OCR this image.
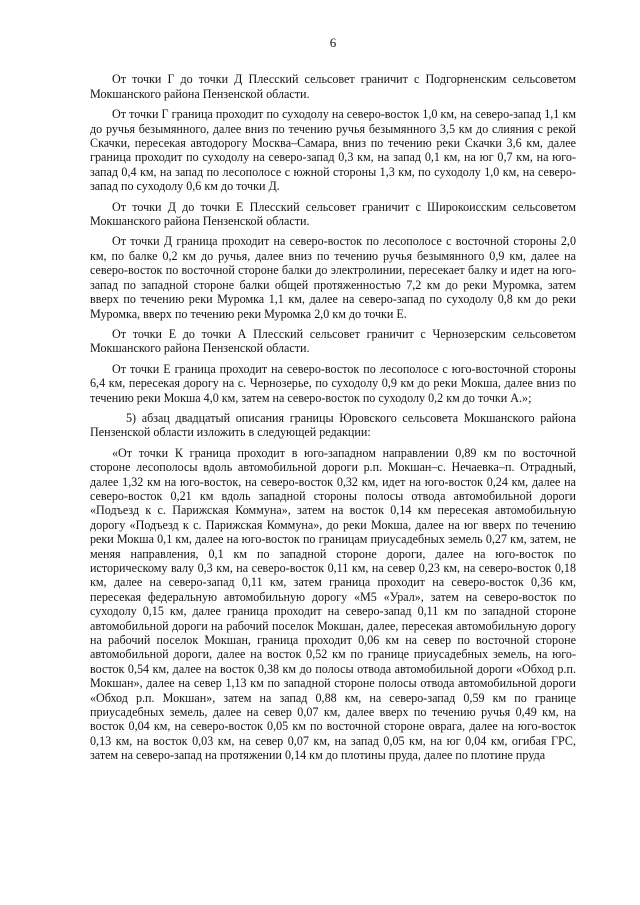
6

От точки Г до точки Д Плесский сельсовет граничит с Подгорненским сельсоветом Мокшанского района Пензенской области.

От точки Г граница проходит по суходолу на северо-восток 1,0 км, на северо-запад 1,1 км до ручья безымянного, далее вниз по течению ручья безымянного 3,5 км до слияния с рекой Скачки, пересекая автодорогу Москва–Самара, вниз по течению реки Скачки 3,6 км, далее граница проходит по суходолу на северо-запад 0,3 км, на запад 0,1 км, на юг 0,7 км, на юго-запад 0,4 км, на запад по лесополосе с южной стороны 1,3 км, по суходолу 1,0 км, на северо-запад по суходолу 0,6 км до точки Д.

От точки Д до точки Е Плесский сельсовет граничит с Широкоисским сельсоветом Мокшанского района Пензенской области.

От точки Д граница проходит на северо-восток по лесополосе с восточной стороны 2,0 км, по балке 0,2 км до ручья, далее вниз по течению ручья безымянного 0,9 км, далее на северо-восток по восточной стороне балки до электролинии, пересекает балку и идет на юго-запад по западной стороне балки общей протяженностью 7,2 км до реки Муромка, затем вверх по течению реки Муромка 1,1 км, далее на северо-запад по суходолу 0,8 км до реки Муромка, вверх по течению реки Муромка 2,0 км до точки Е.

От точки Е до точки А Плесский сельсовет граничит с Чернозерским сельсоветом Мокшанского района Пензенской области.

От точки Е граница проходит на северо-восток по лесополосе с юго-восточной стороны 6,4 км, пересекая дорогу на с. Чернозерье, по суходолу 0,9 км до реки Мокша, далее вниз по течению реки Мокша 4,0 км, затем на северо-восток по суходолу 0,2 км до точки А.»;

5) абзац двадцатый описания границы Юровского сельсовета Мокшанского района Пензенской области изложить в следующей редакции:

«От точки К граница проходит в юго-западном направлении 0,89 км по восточной стороне лесополосы вдоль автомобильной дороги р.п. Мокшан–с. Нечаевка–п. Отрадный, далее 1,32 км на юго-восток, на северо-восток 0,32 км, идет на юго-восток 0,24 км, далее на северо-восток 0,21 км вдоль западной стороны полосы отвода автомобильной дороги «Подъезд к с. Парижская Коммуна», затем на восток 0,14 км пересекая автомобильную дорогу «Подъезд к с. Парижская Коммуна», до реки Мокша, далее на юг вверх по течению реки Мокша 0,1 км, далее на юго-восток по границам приусадебных земель 0,27 км, затем, не меняя направления, 0,1 км по западной стороне дороги, далее на юго-восток по историческому валу 0,3 км, на северо-восток 0,11 км, на север 0,23 км, на северо-восток 0,18 км, далее на северо-запад 0,11 км, затем граница проходит на северо-восток 0,36 км, пересекая федеральную автомобильную дорогу «М5 «Урал», затем на северо-восток по суходолу 0,15 км, далее граница проходит на северо-запад 0,11 км по западной стороне автомобильной дороги на рабочий поселок Мокшан, далее, пересекая автомобильную дорогу на рабочий поселок Мокшан, граница проходит 0,06 км на север по восточной стороне автомобильной дороги, далее на восток 0,52 км по границе приусадебных земель, на юго-восток 0,54 км, далее на восток 0,38 км до полосы отвода автомобильной дороги «Обход р.п. Мокшан», далее на север 1,13 км по западной стороне полосы отвода автомобильной дороги «Обход р.п. Мокшан», затем на запад 0,88 км, на северо-запад 0,59 км по границе приусадебных земель, далее на север 0,07 км, далее вверх по течению ручья 0,49 км, на восток 0,04 км, на северо-восток 0,05 км по восточной стороне оврага, далее на юго-восток 0,13 км, на восток 0,03 км, на север 0,07 км, на запад 0,05 км, на юг 0,04 км, огибая ГРС, затем на северо-запад на протяжении 0,14 км до плотины пруда, далее по плотине пруда
